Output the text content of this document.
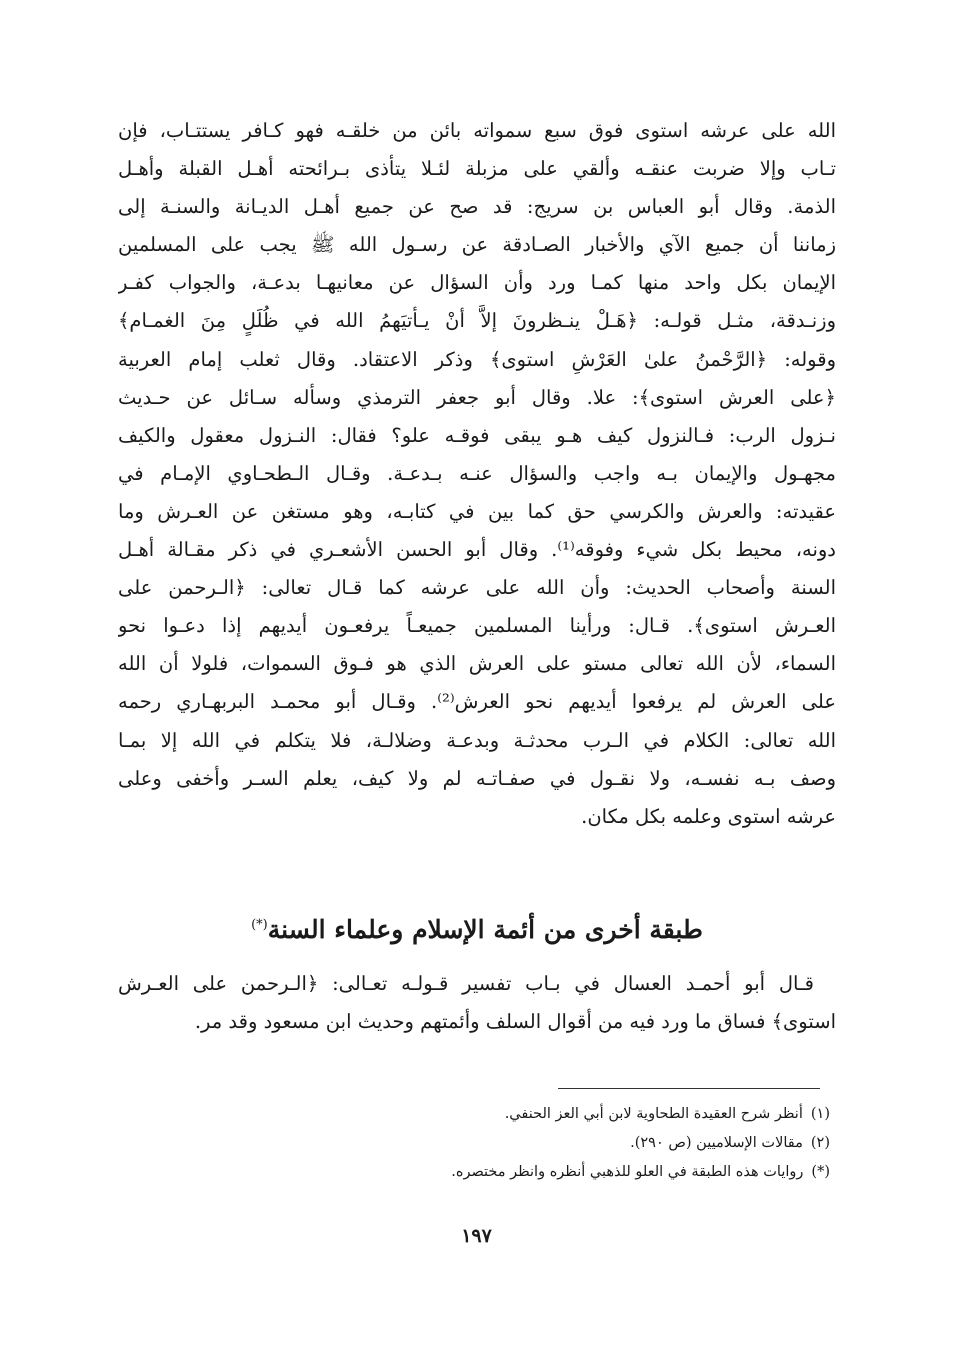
الله على عرشه استوى فوق سبع سمواته بائن من خلقـه فهو كـافر يستتـاب، فإن
تـاب وإلا ضربت عنقـه وألقي على مزبلة لئـلا يتأذى بـرائحته أهـل القبلة وأهـل
الذمة. وقال أبو العباس بن سريج: قد صح عن جميع أهـل الديـانة والسنـة إلى
زماننا أن جميع الآي والأخبار الصـادقة عن رسـول الله ﷺ يجب على المسلمين
الإيمان بكل واحد منها كمـا ورد وأن السؤال عن معانيهـا بدعـة، والجواب كفـر
وزنـدقة، مثـل قولـه: ﴿هَـلْ ينـظرونَ إلاَّ أنْ يـأتيَهمُ الله في ظُلَلٍ مِنَ الغمـام﴾
وقوله: ﴿الرَّحْمنُ علىٰ العَرْشِ استوى﴾ وذكر الاعتقاد. وقال ثعلب إمام العربية
﴿على العرش استوى﴾: علا. وقال أبو جعفر الترمذي وسأله سـائل عن حـديث
نـزول الرب: فـالنزول كيف هـو يبقى فوقـه علو؟ فقال: النـزول معقول والكيف
مجهـول والإيمان بـه واجب والسؤال عنـه بـدعـة. وقـال الـطحـاوي الإمـام في
عقيدته: والعرش والكرسي حق كما بين في كتابـه، وهو مستغن عن العـرش وما
دونه، محيط بكل شيء وفوقه⁽¹⁾. وقال أبو الحسن الأشعـري في ذكر مقـالة أهـل
السنة وأصحاب الحديث: وأن الله على عرشه كما قـال تعالى: ﴿الـرحمن على
العـرش استوى﴾. قـال: ورأينا المسلمين جميعـاً يرفعـون أيديهم إذا دعـوا نحو
السماء، لأن الله تعالى مستو على العرش الذي هو فـوق السموات، فلولا أن الله
على العرش لم يرفعوا أيديهم نحو العرش⁽²⁾. وقـال أبو محمـد البربهـاري رحمه
الله تعالى: الكلام في الـرب محدثـة وبدعـة وضلالـة، فلا يتكلم في الله إلا بمـا
وصف بـه نفسـه، ولا نقـول في صفـاتـه لم ولا كيف، يعلم السـر وأخفى وعلى
عرشه استوى وعلمه بكل مكان.
طبقة أخرى من أئمة الإسلام وعلماء السنة(*)
قـال أبو أحمـد العسال في بـاب تفسير قـولـه تعـالى: ﴿الـرحمن على العـرش
استوى﴾ فساق ما ورد فيه من أقوال السلف وأئمتهم وحديث ابن مسعود وقد مر.
(١)أنظر شرح العقيدة الطحاوية لابن أبي العز الحنفي.
(٢)مقالات الإسلاميين (ص ٢٩٠).
(*)روايات هذه الطبقة في العلو للذهبي أنظره وانظر مختصره.
١٩٧
